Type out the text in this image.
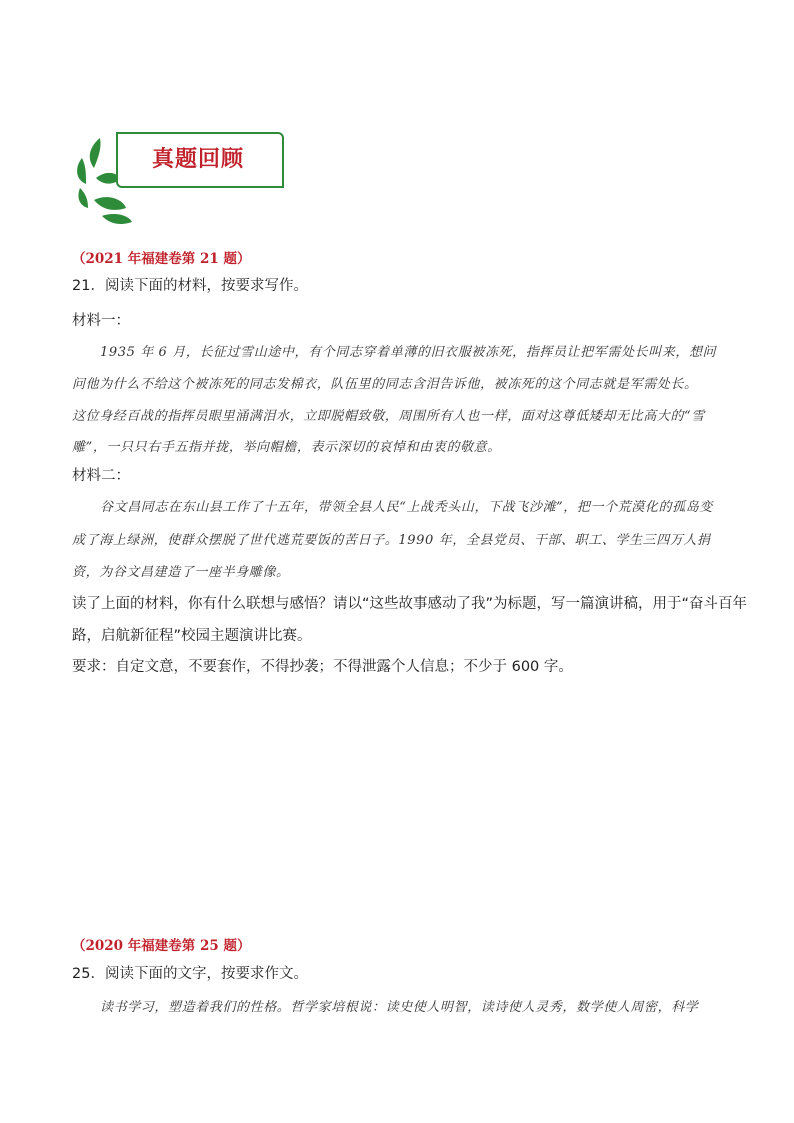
真题回顾
（2021 年福建卷第 21 题）
21．阅读下面的材料，按要求写作。
材料一：
1935 年 6 月，长征过雪山途中，有个同志穿着单薄的旧衣服被冻死，指挥员让把军需处长叫来，想问
问他为什么不给这个被冻死的同志发棉衣，队伍里的同志含泪告诉他，被冻死的这个同志就是军需处长。
这位身经百战的指挥员眼里涌满泪水，立即脱帽致敬，周围所有人也一样，面对这尊低矮却无比高大的“雪
雕”，一只只右手五指并拢，举向帽檐，表示深切的哀悼和由衷的敬意。
材料二：
谷文昌同志在东山县工作了十五年，带领全县人民“上战秃头山，下战飞沙滩”，把一个荒漠化的孤岛变
成了海上绿洲，使群众摆脱了世代逃荒要饭的苦日子。1990 年，全县党员、干部、职工、学生三四万人捐
资，为谷文昌建造了一座半身雕像。
读了上面的材料，你有什么联想与感悟？请以“这些故事感动了我”为标题，写一篇演讲稿，用于“奋斗百年
路，启航新征程”校园主题演讲比赛。
要求：自定文意，不要套作，不得抄袭；不得泄露个人信息；不少于 600 字。
（2020 年福建卷第 25 题）
25．阅读下面的文字，按要求作文。
读书学习，塑造着我们的性格。哲学家培根说：读史使人明智，读诗使人灵秀，数学使人周密，科学
